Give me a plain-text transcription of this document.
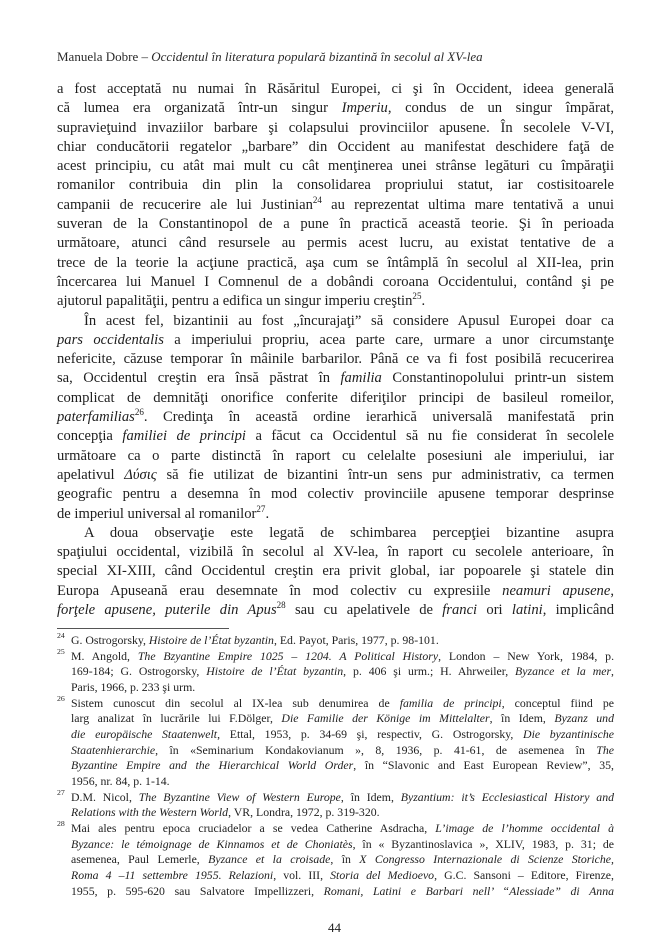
Manuela Dobre – Occidentul în literatura populară bizantină în secolul al XV-lea
a fost acceptată nu numai în Răsăritul Europei, ci şi în Occident, ideea generală
că lumea era organizată într-un singur Imperiu, condus de un singur împărat,
supravieţuind invaziilor barbare şi colapsului provinciilor apusene. În secolele V-VI,
chiar conducătorii regatelor „barbare” din Occident au manifestat deschidere faţă de
acest principiu, cu atât mai mult cu cât menţinerea unei strânse legături cu împăraţii
romanilor contribuia din plin la consolidarea propriului statut, iar costisitoarele
campanii de recucerire ale lui Justinian$^{24}$ au reprezentat ultima mare tentativă a unui
suveran de la Constantinopol de a pune în practică această teorie. Şi în perioada
următoare, atunci când resursele au permis acest lucru, au existat tentative de a
trece de la teorie la acţiune practică, aşa cum se întâmplă în secolul al XII-lea, prin
încercarea lui Manuel I Comnenul de a dobândi coroana Occidentului, contând şi pe
ajutorul papalităţii, pentru a edifica un singur imperiu creştin$^{25}$.
În acest fel, bizantinii au fost „încurajaţi” să considere Apusul Europei doar ca
pars occidentalis a imperiului propriu, acea parte care, urmare a unor circumstanţe
nefericite, căzuse temporar în mâinile barbarilor. Până ce va fi fost posibilă recucerirea
sa, Occidentul creştin era însă păstrat în familia Constantinopolului printr-un sistem
complicat de demnităţi onorifice conferite diferiţilor principi de basileul romeilor,
paterfamilias$^{26}$. Credinţa în această ordine ierarhică universală manifestată prin
concepţia familiei de principi a făcut ca Occidentul să nu fie considerat în secolele
următoare ca o parte distinctă în raport cu celelalte posesiuni ale imperiului, iar
apelativul Δύσις să fie utilizat de bizantini într-un sens pur administrativ, ca termen
geografic pentru a desemna în mod colectiv provinciile apusene temporar desprinse
de imperiul universal al romanilor$^{27}$.
A doua observaţie este legată de schimbarea percepţiei bizantine asupra
spaţiului occidental, vizibilă în secolul al XV-lea, în raport cu secolele anterioare, în
special XI-XIII, când Occidentul creştin era privit global, iar popoarele şi statele din
Europa Apuseană erau desemnate în mod colectiv cu expresiile neamuri apusene,
forţele apusene, puterile din Apus$^{28}$ sau cu apelativele de franci ori latini, implicând
24 G. Ostrogorsky, Histoire de l’État byzantin, Ed. Payot, Paris, 1977, p. 98-101.
25 M. Angold, The Bzyantine Empire 1025 – 1204. A Political History, London – New York, 1984, p.
169-184; G. Ostrogorsky, Histoire de l’État byzantin, p. 406 şi urm.; H. Ahrweiler, Byzance et la mer,
Paris, 1966, p. 233 şi urm.
26 Sistem cunoscut din secolul al IX-lea sub denumirea de familia de principi, conceptul fiind pe
larg analizat în lucrările lui F.Dölger, Die Familie der Könige im Mittelalter, în Idem, Byzanz und
die europäische Staatenwelt, Ettal, 1953, p. 34-69 şi, respectiv, G. Ostrogorsky, Die byzantinische
Staatenhierarchie, în «Seminarium Kondakovianum », 8, 1936, p. 41-61, de asemenea în The
Byzantine Empire and the Hierarchical World Order, în “Slavonic and East European Review”, 35,
1956, nr. 84, p. 1-14.
27 D.M. Nicol, The Byzantine View of Western Europe, în Idem, Byzantium: it’s Ecclesiastical History and
Relations with the Western World, VR, Londra, 1972, p. 319-320.
28 Mai ales pentru epoca cruciadelor a se vedea Catherine Asdracha, L’image de l’homme occidental à
Byzance: le témoignage de Kinnamos et de Choniatès, în « Byzantinoslavica », XLIV, 1983, p. 31; de
asemenea, Paul Lemerle, Byzance et la croisade, în X Congresso Internazionale di Scienze Storiche,
Roma 4 –11 settembre 1955. Relazioni, vol. III, Storia del Medioevo, G.C. Sansoni – Editore, Firenze,
1955, p. 595-620 sau Salvatore Impellizzeri, Romani, Latini e Barbari nell’ “Alessiade” di Anna
44
